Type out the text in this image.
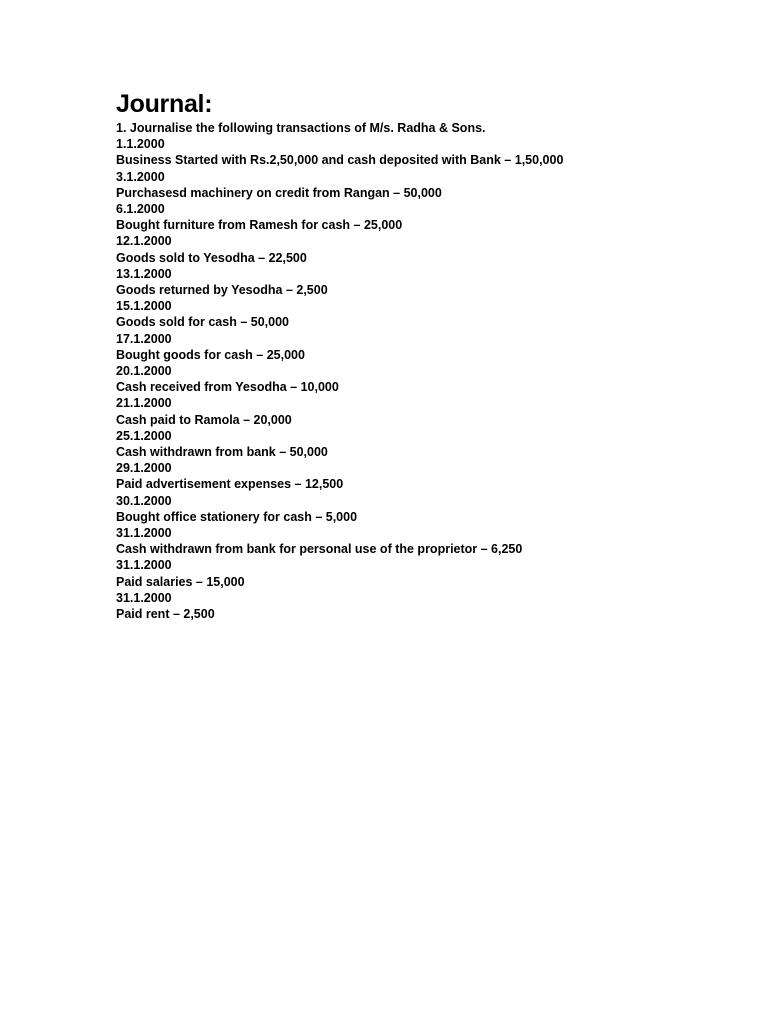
Journal:

1. Journalise the following transactions of M/s. Radha & Sons.

1.1.2000
Business Started with Rs.2,50,000 and cash deposited with Bank – 1,50,000
3.1.2000
Purchasesd machinery on credit from Rangan – 50,000
6.1.2000
Bought furniture from Ramesh for cash – 25,000
12.1.2000
Goods sold to Yesodha – 22,500
13.1.2000
Goods returned by Yesodha – 2,500
15.1.2000
Goods sold for cash – 50,000
17.1.2000
Bought goods for cash – 25,000
20.1.2000
Cash received from Yesodha – 10,000
21.1.2000
Cash paid to Ramola – 20,000
25.1.2000
Cash withdrawn from bank – 50,000
29.1.2000
Paid advertisement expenses – 12,500
30.1.2000
Bought office stationery for cash – 5,000
31.1.2000
Cash withdrawn from bank for personal use of the proprietor – 6,250
31.1.2000
Paid salaries – 15,000
31.1.2000
Paid rent – 2,500
